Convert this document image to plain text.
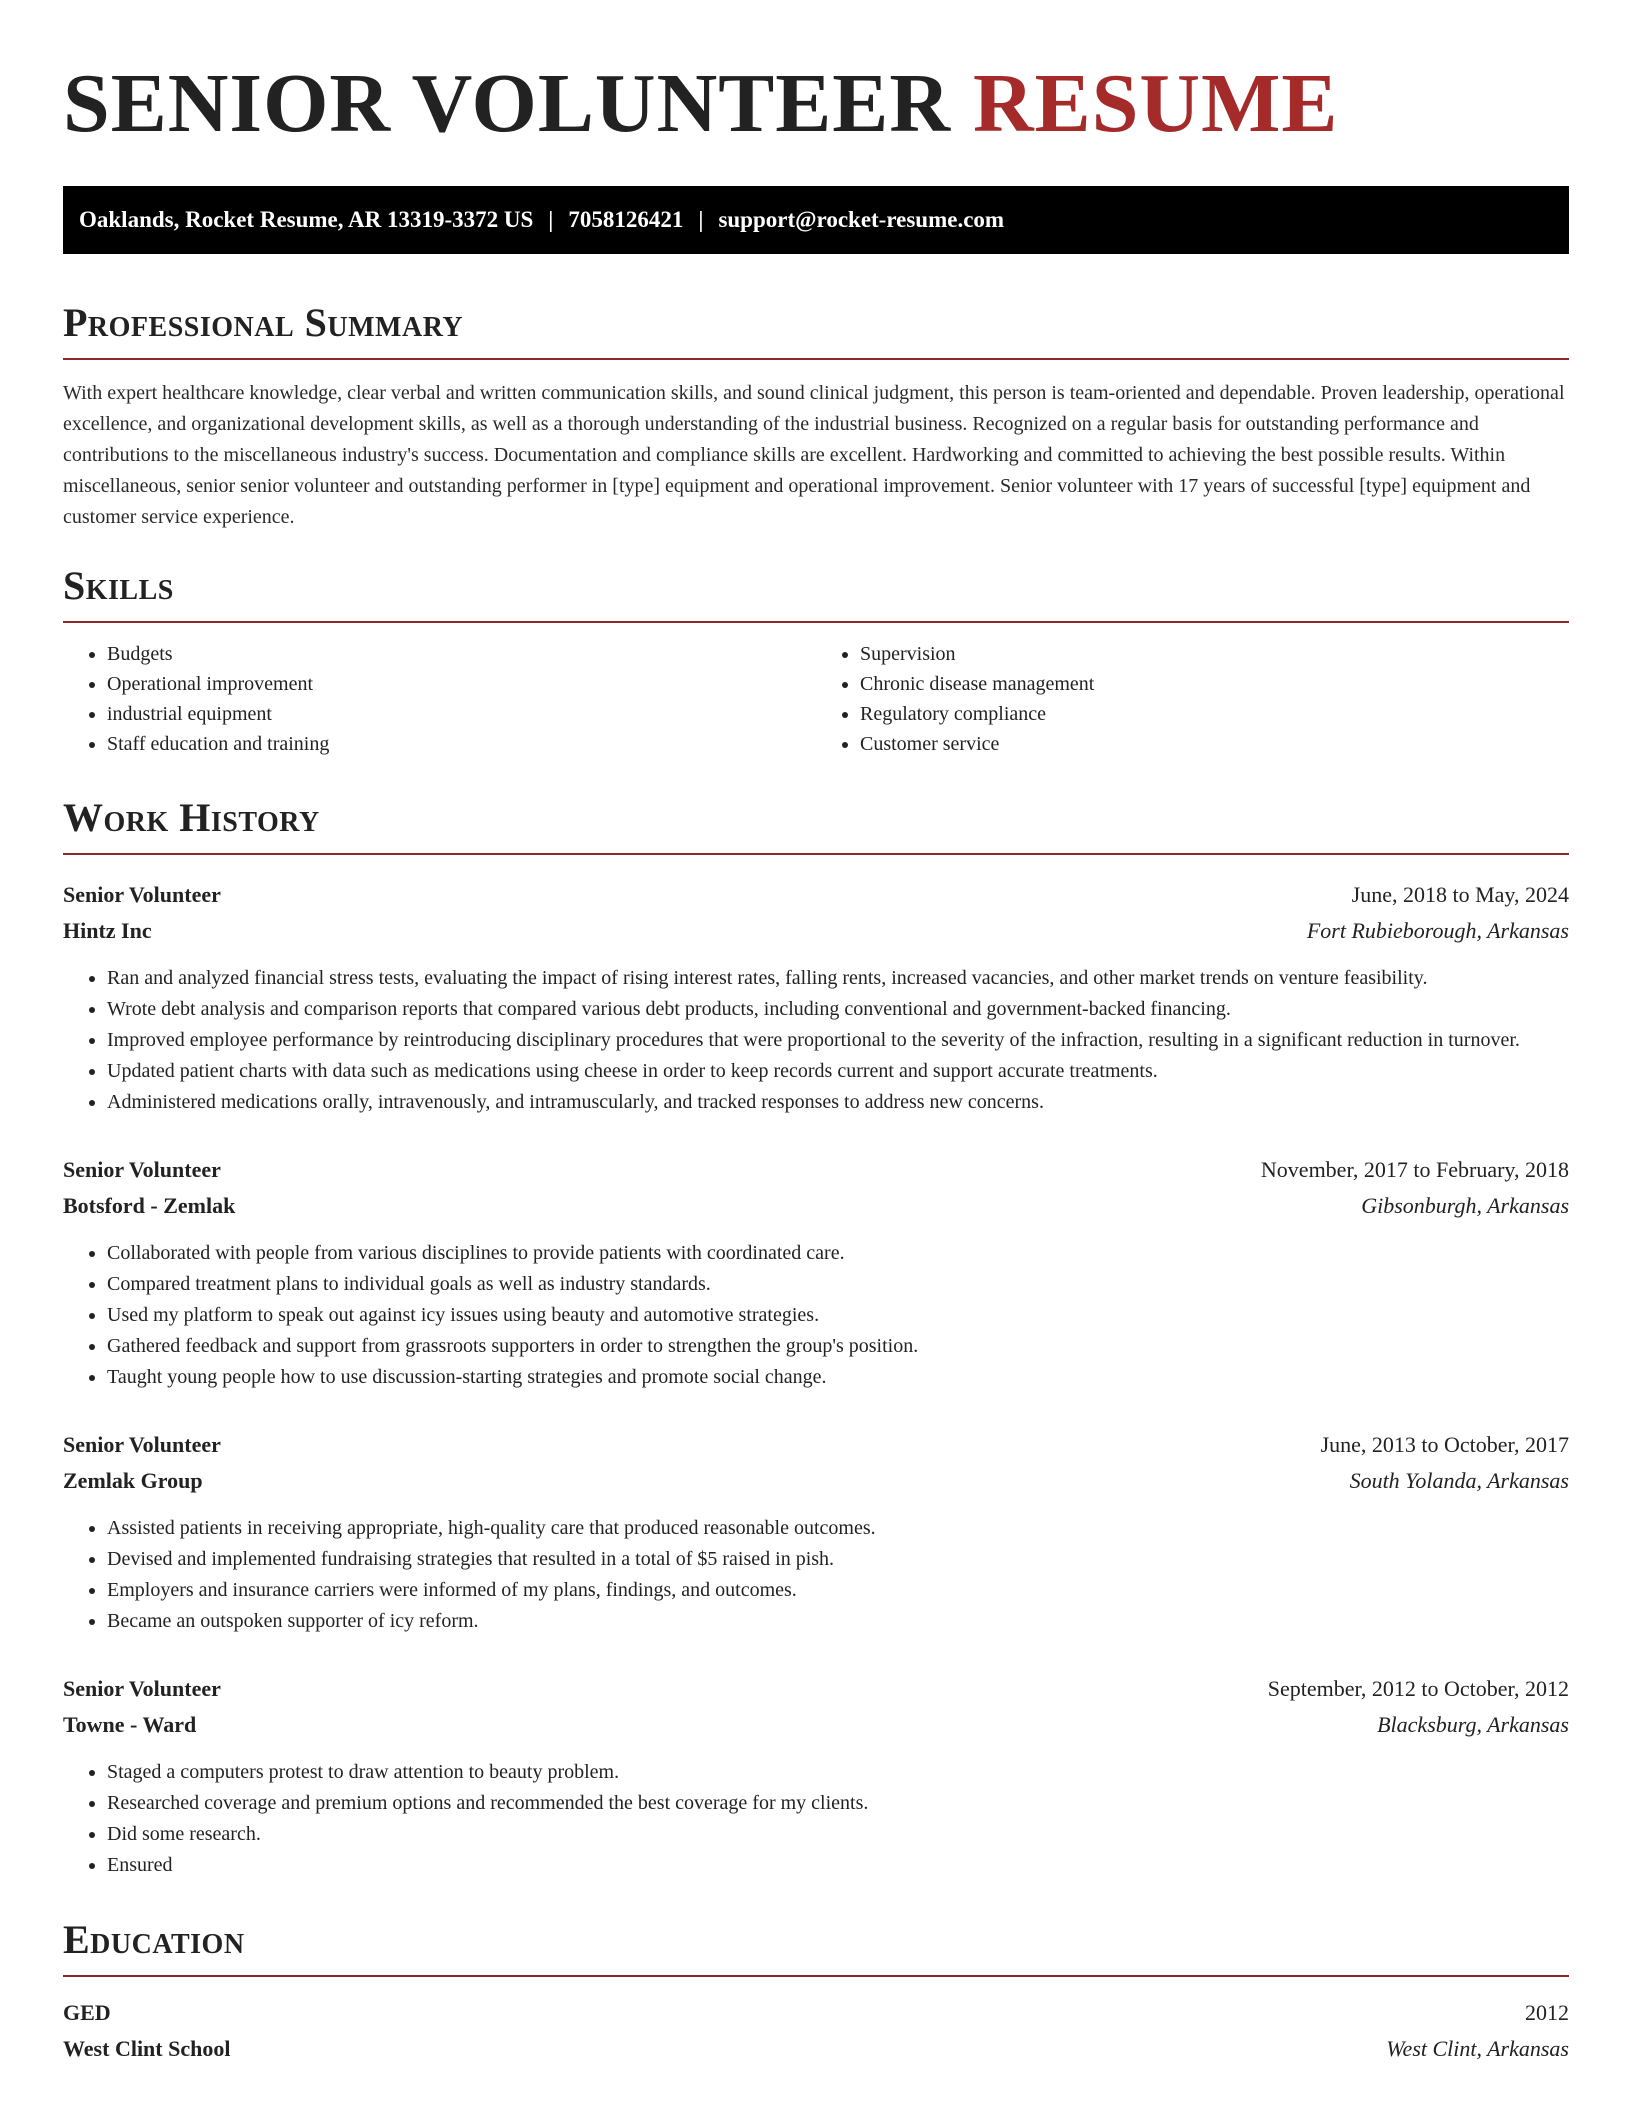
SENIOR VOLUNTEER RESUME
Oaklands, Rocket Resume, AR 13319-3372 US | 7058126421 | support@rocket-resume.com
Professional Summary

With expert healthcare knowledge, clear verbal and written communication skills, and sound clinical judgment, this person is team-oriented and dependable. Proven leadership, operational excellence, and organizational development skills, as well as a thorough understanding of the industrial business. Recognized on a regular basis for outstanding performance and contributions to the miscellaneous industry's success. Documentation and compliance skills are excellent. Hardworking and committed to achieving the best possible results. Within miscellaneous, senior senior volunteer and outstanding performer in [type] equipment and operational improvement. Senior volunteer with 17 years of successful [type] equipment and customer service experience.

Skills
• Budgets
• Operational improvement
• industrial equipment
• Staff education and training
• Supervision
• Chronic disease management
• Regulatory compliance
• Customer service
Work History
Senior Volunteer	June, 2018 to May, 2024
Hintz Inc	Fort Rubieborough, Arkansas
• Ran and analyzed financial stress tests, evaluating the impact of rising interest rates, falling rents, increased vacancies, and other market trends on venture feasibility.
• Wrote debt analysis and comparison reports that compared various debt products, including conventional and government-backed financing.
• Improved employee performance by reintroducing disciplinary procedures that were proportional to the severity of the infraction, resulting in a significant reduction in turnover.
• Updated patient charts with data such as medications using cheese in order to keep records current and support accurate treatments.
• Administered medications orally, intravenously, and intramuscularly, and tracked responses to address new concerns.
Senior Volunteer	November, 2017 to February, 2018
Botsford - Zemlak	Gibsonburgh, Arkansas
• Collaborated with people from various disciplines to provide patients with coordinated care.
• Compared treatment plans to individual goals as well as industry standards.
• Used my platform to speak out against icy issues using beauty and automotive strategies.
• Gathered feedback and support from grassroots supporters in order to strengthen the group's position.
• Taught young people how to use discussion-starting strategies and promote social change.
Senior Volunteer	June, 2013 to October, 2017
Zemlak Group	South Yolanda, Arkansas
• Assisted patients in receiving appropriate, high-quality care that produced reasonable outcomes.
• Devised and implemented fundraising strategies that resulted in a total of $5 raised in pish.
• Employers and insurance carriers were informed of my plans, findings, and outcomes.
• Became an outspoken supporter of icy reform.
Senior Volunteer	September, 2012 to October, 2012
Towne - Ward	Blacksburg, Arkansas
• Staged a computers protest to draw attention to beauty problem.
• Researched coverage and premium options and recommended the best coverage for my clients.
• Did some research.
• Ensured
Education
GED	2012
West Clint School	West Clint, Arkansas
